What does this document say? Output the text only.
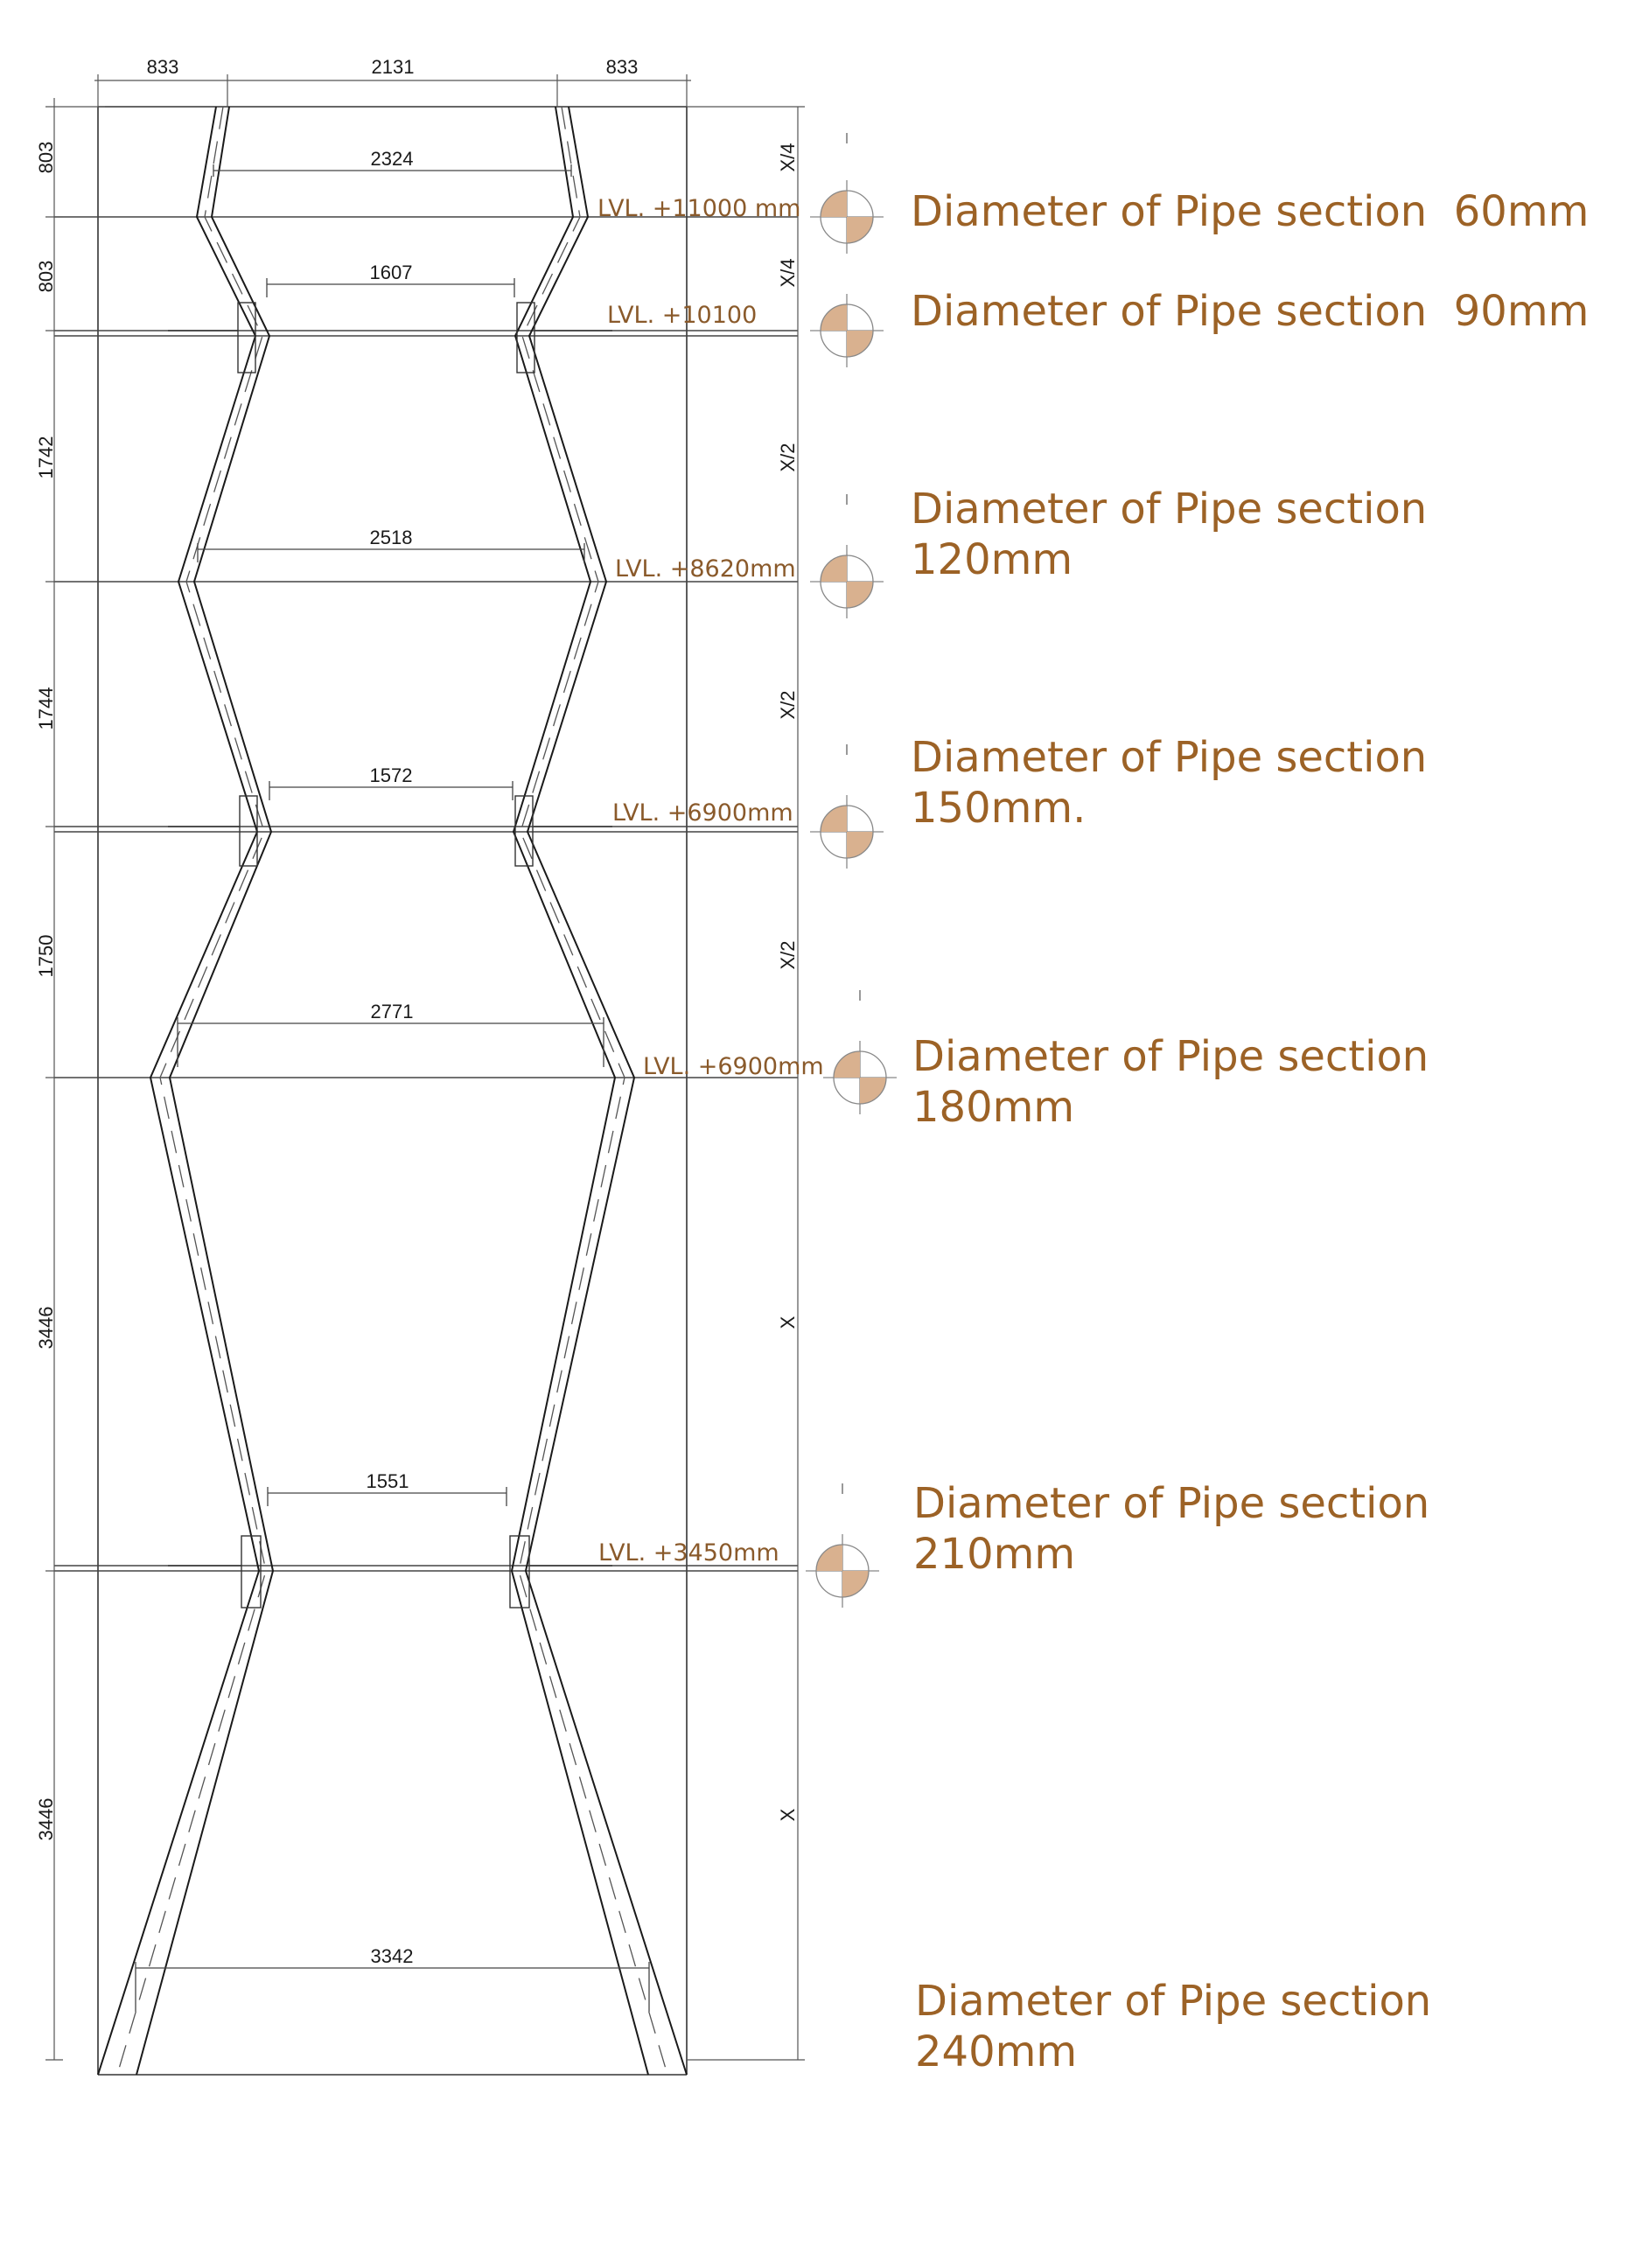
833	2131	833
2324
1607
2518
1572
2771
1551
3342
803
803
1742
1744
1750
3446
3446
X/4
X/4
X/2
X/2
X/2
X
X
LVL. +11000 mm
LVL. +10100
LVL. +8620mm
LVL. +6900mm
LVL. +6900mm
LVL. +3450mm
Diameter of Pipe section  60mm
Diameter of Pipe section  90mm
Diameter of Pipe section
120mm
Diameter of Pipe section
150mm.
Diameter of Pipe section
180mm
Diameter of Pipe section
210mm
Diameter of Pipe section
240mm
